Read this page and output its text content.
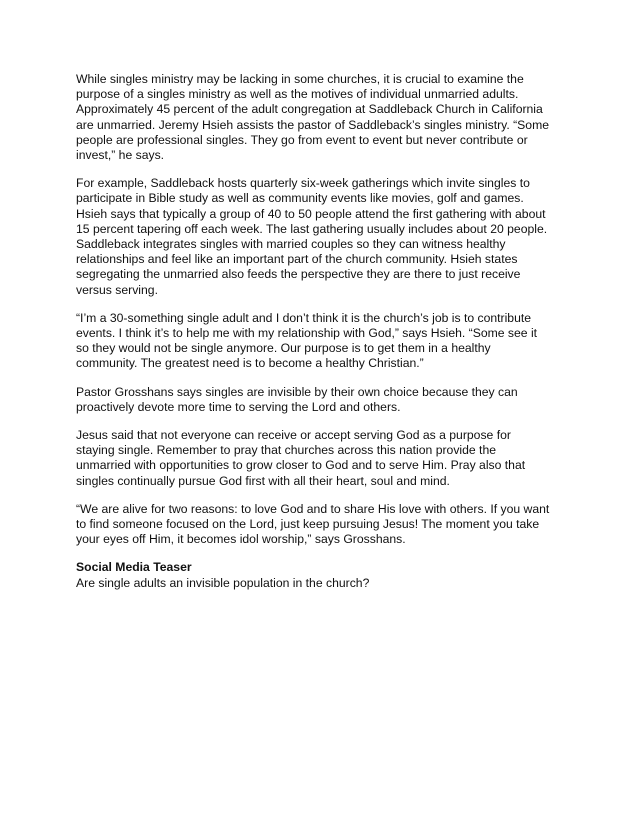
While singles ministry may be lacking in some churches, it is crucial to examine the
purpose of a singles ministry as well as the motives of individual unmarried adults.
Approximately 45 percent of the adult congregation at Saddleback Church in California
are unmarried. Jeremy Hsieh assists the pastor of Saddleback’s singles ministry. “Some
people are professional singles. They go from event to event but never contribute or
invest,” he says.

For example, Saddleback hosts quarterly six-week gatherings which invite singles to
participate in Bible study as well as community events like movies, golf and games.
Hsieh says that typically a group of 40 to 50 people attend the first gathering with about
15 percent tapering off each week. The last gathering usually includes about 20 people.
Saddleback integrates singles with married couples so they can witness healthy
relationships and feel like an important part of the church community. Hsieh states
segregating the unmarried also feeds the perspective they are there to just receive
versus serving.

“I’m a 30-something single adult and I don’t think it is the church’s job is to contribute
events. I think it’s to help me with my relationship with God,” says Hsieh. “Some see it
so they would not be single anymore. Our purpose is to get them in a healthy
community. The greatest need is to become a healthy Christian.”

Pastor Grosshans says singles are invisible by their own choice because they can
proactively devote more time to serving the Lord and others.

Jesus said that not everyone can receive or accept serving God as a purpose for
staying single. Remember to pray that churches across this nation provide the
unmarried with opportunities to grow closer to God and to serve Him. Pray also that
singles continually pursue God first with all their heart, soul and mind.

“We are alive for two reasons: to love God and to share His love with others. If you want
to find someone focused on the Lord, just keep pursuing Jesus! The moment you take
your eyes off Him, it becomes idol worship,” says Grosshans.

Social Media Teaser

Are single adults an invisible population in the church?
